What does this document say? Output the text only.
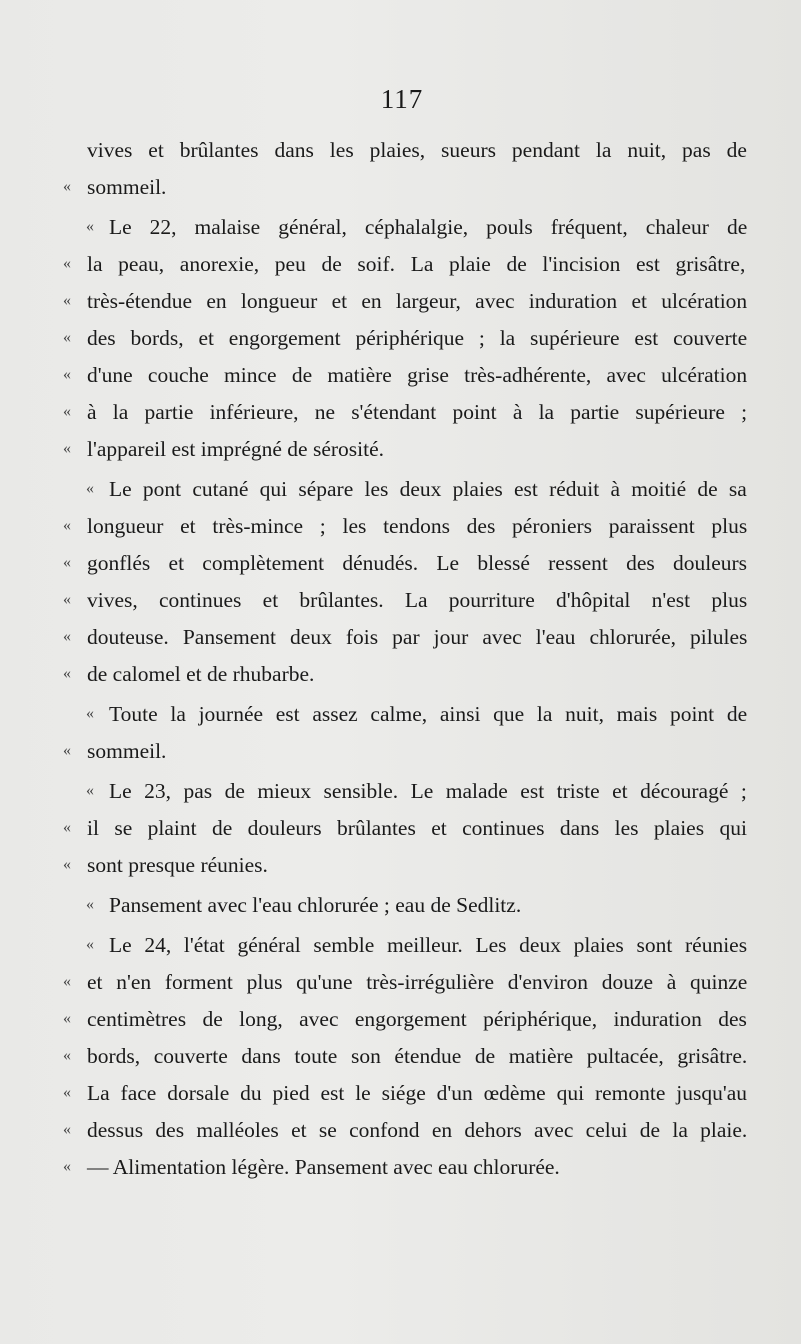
117
vives et brûlantes dans les plaies, sueurs pendant la nuit, pas de
« sommeil.
« Le 22, malaise général, céphalalgie, pouls fréquent, chaleur de
« la peau, anorexie, peu de soif. La plaie de l'incision est grisâtre,
« très-étendue en longueur et en largeur, avec induration et ulcération
« des bords, et engorgement périphérique ; la supérieure est couverte
« d'une couche mince de matière grise très-adhérente, avec ulcération
« à la partie inférieure, ne s'étendant point à la partie supérieure ;
« l'appareil est imprégné de sérosité.
« Le pont cutané qui sépare les deux plaies est réduit à moitié de sa
« longueur et très-mince ; les tendons des péroniers paraissent plus
« gonflés et complètement dénudés. Le blessé ressent des douleurs
« vives, continues et brûlantes. La pourriture d'hôpital n'est plus
« douteuse. Pansement deux fois par jour avec l'eau chlorurée, pilules
« de calomel et de rhubarbe.
« Toute la journée est assez calme, ainsi que la nuit, mais point de
« sommeil.
« Le 23, pas de mieux sensible. Le malade est triste et découragé ;
« il se plaint de douleurs brûlantes et continues dans les plaies qui
« sont presque réunies.
« Pansement avec l'eau chlorurée ; eau de Sedlitz.
« Le 24, l'état général semble meilleur. Les deux plaies sont réunies
« et n'en forment plus qu'une très-irrégulière d'environ douze à quinze
« centimètres de long, avec engorgement périphérique, induration des
« bords, couverte dans toute son étendue de matière pultacée, grisâtre.
« La face dorsale du pied est le siége d'un œdème qui remonte jusqu'au
« dessus des malléoles et se confond en dehors avec celui de la plaie.
« — Alimentation légère. Pansement avec eau chlorurée.
